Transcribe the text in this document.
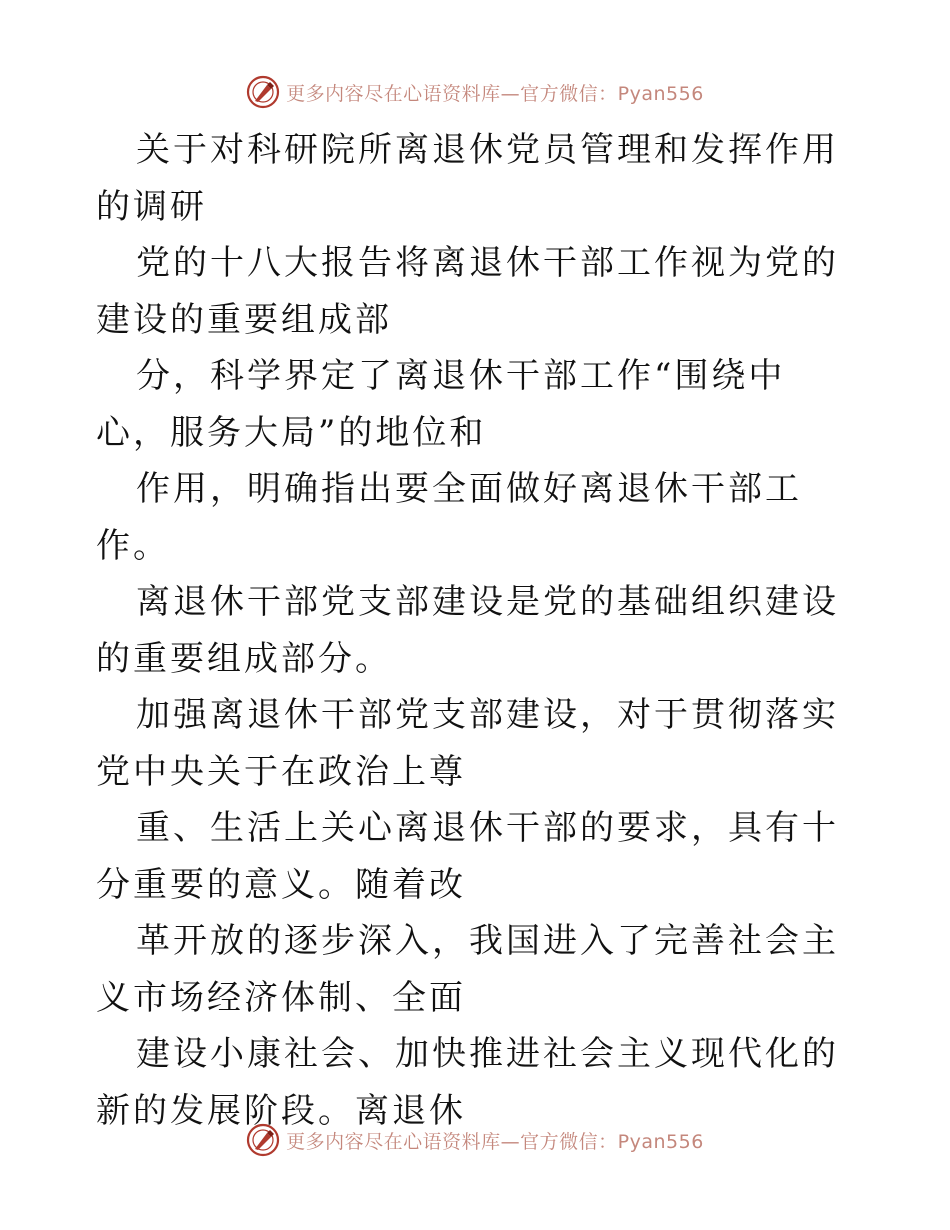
更多内容尽在心语资料库—官方微信：Pyan556

关于对科研院所离退休党员管理和发挥作用的调研

党的十八大报告将离退休干部工作视为党的建设的重要组成部

分，科学界定了离退休干部工作“围绕中心，服务大局”的地位和

作用，明确指出要全面做好离退休干部工作。

离退休干部党支部建设是党的基础组织建设的重要组成部分。

加强离退休干部党支部建设，对于贯彻落实党中央关于在政治上尊

重、生活上关心离退休干部的要求，具有十分重要的意义。随着改

革开放的逐步深入，我国进入了完善社会主义市场经济体制、全面

建设小康社会、加快推进社会主义现代化的新的发展阶段。离退休

更多内容尽在心语资料库—官方微信：Pyan556
